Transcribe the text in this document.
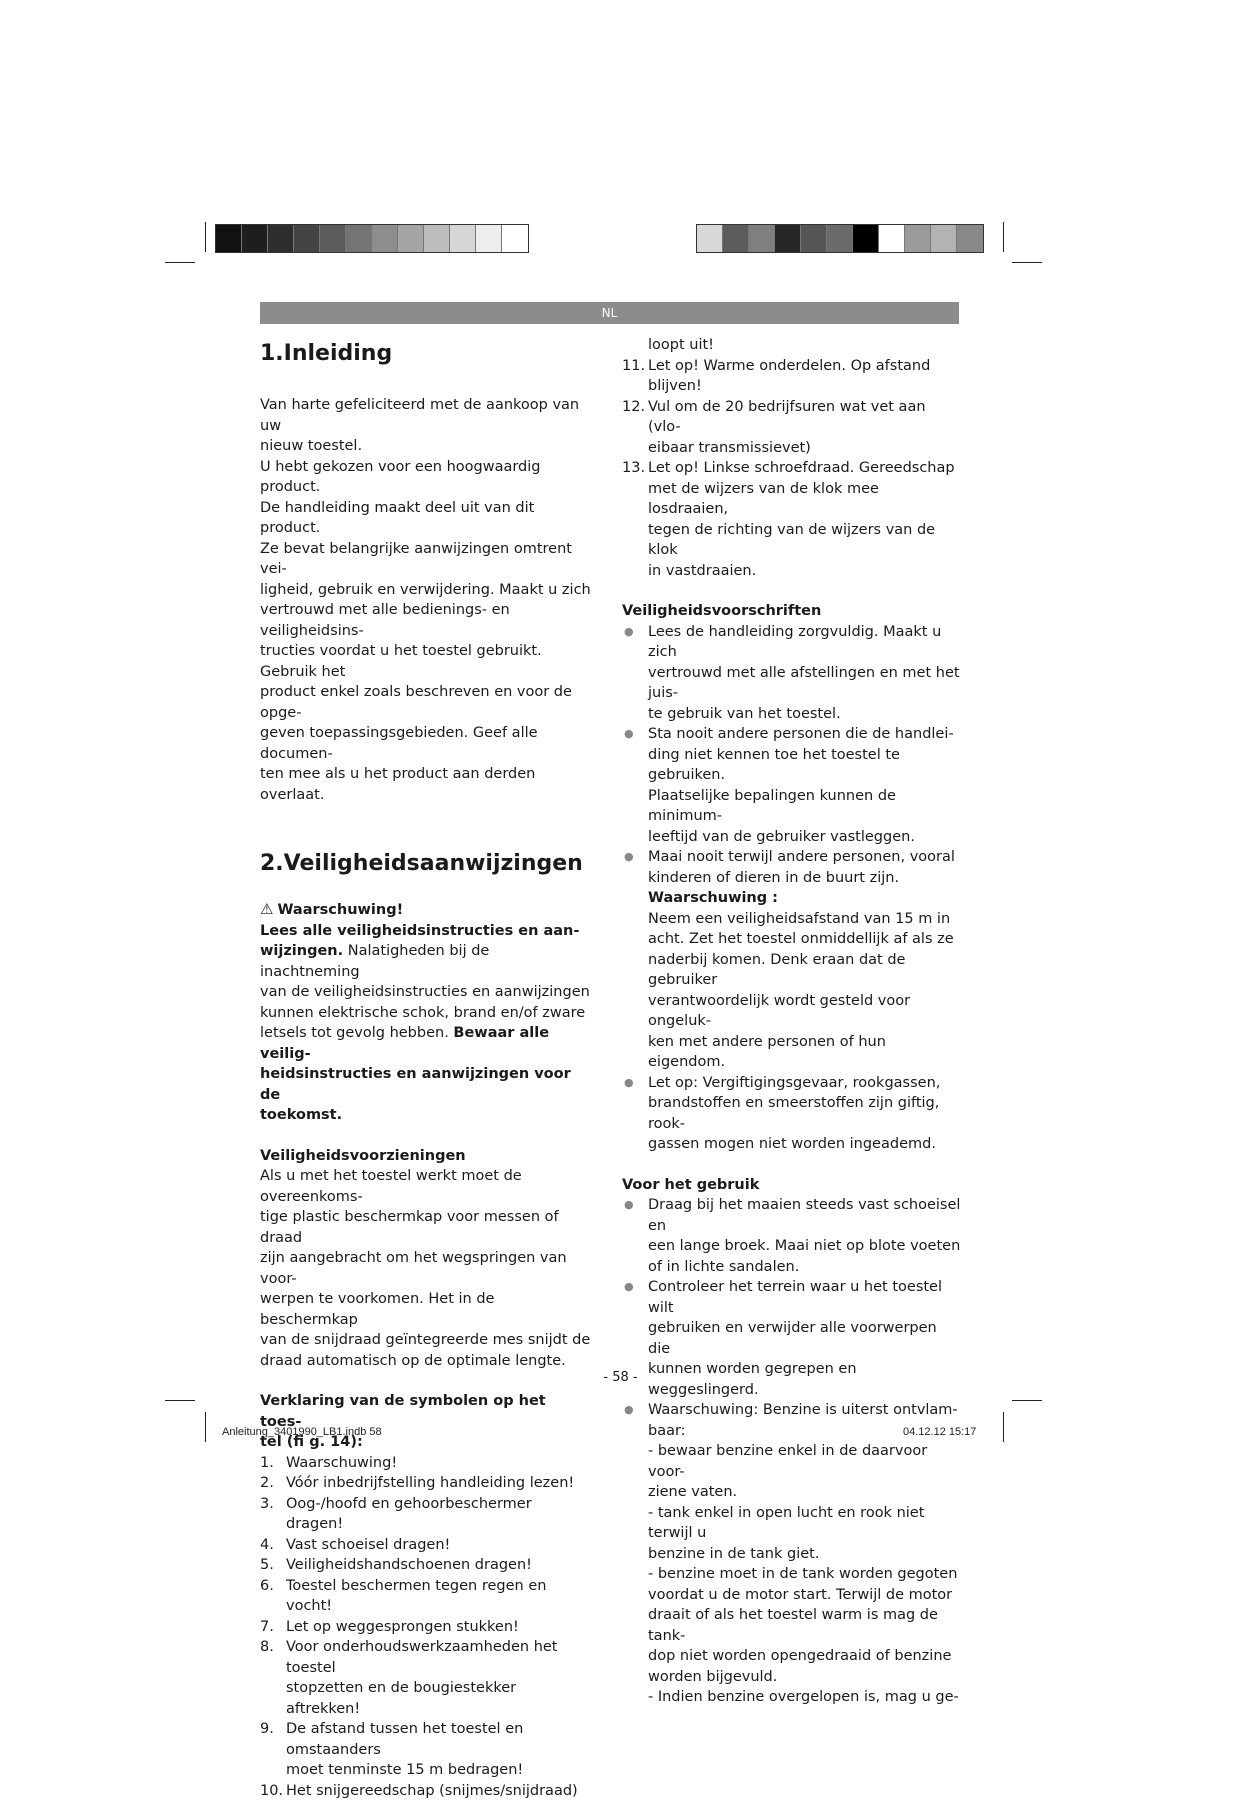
NL
1.Inleiding
Van harte gefeliciteerd met de aankoop van uw
nieuw toestel.
U hebt gekozen voor een hoogwaardig product.
De handleiding maakt deel uit van dit product.
Ze bevat belangrijke aanwijzingen omtrent vei-
ligheid, gebruik en verwijdering. Maakt u zich
vertrouwd met alle bedienings- en veiligheidsins-
tructies voordat u het toestel gebruikt. Gebruik het
product enkel zoals beschreven en voor de opge-
geven toepassingsgebieden. Geef alle documen-
ten mee als u het product aan derden overlaat.
2.Veiligheidsaanwijzingen
⚠ Waarschuwing!
Lees alle veiligheidsinstructies en aan-
wijzingen. Nalatigheden bij de inachtneming
van de veiligheidsinstructies en aanwijzingen
kunnen elektrische schok, brand en/of zware
letsels tot gevolg hebben. Bewaar alle veilig-
heidsinstructies en aanwijzingen voor de
toekomst.
Veiligheidsvoorzieningen
Als u met het toestel werkt moet de overeenkoms-
tige plastic beschermkap voor messen of draad
zijn aangebracht om het wegspringen van voor-
werpen te voorkomen. Het in de beschermkap
van de snijdraad geïntegreerde mes snijdt de
draad automatisch op de optimale lengte.
Verklaring van de symbolen op het toes-
tel (fi g. 14):
1. Waarschuwing!
2. Vóór inbedrijfstelling handleiding lezen!
3. Oog-/hoofd en gehoorbeschermer dragen!
4. Vast schoeisel dragen!
5. Veiligheidshandschoenen dragen!
6. Toestel beschermen tegen regen en vocht!
7. Let op weggesprongen stukken!
8. Voor onderhoudswerkzaamheden het toestel
stopzetten en de bougiestekker aftrekken!
9. De afstand tussen het toestel en omstaanders
moet tenminste 15 m bedragen!
10. Het snijgereedschap (snijmes/snijdraad)
loopt uit!
11. Let op! Warme onderdelen. Op afstand blijven!
12. Vul om de 20 bedrijfsuren wat vet aan (vlo-
eibaar transmissievet)
13. Let op! Linkse schroefdraad. Gereedschap
met de wijzers van de klok mee losdraaien,
tegen de richting van de wijzers van de klok
in vastdraaien.
Veiligheidsvoorschriften
● Lees de handleiding zorgvuldig. Maakt u zich
vertrouwd met alle afstellingen en met het juis-
te gebruik van het toestel.
● Sta nooit andere personen die de handlei-
ding niet kennen toe het toestel te gebruiken.
Plaatselijke bepalingen kunnen de minimum-
leeftijd van de gebruiker vastleggen.
● Maai nooit terwijl andere personen, vooral
kinderen of dieren in de buurt zijn.
Waarschuwing :
Neem een veiligheidsafstand van 15 m in
acht. Zet het toestel onmiddellijk af als ze
naderbij komen. Denk eraan dat de gebruiker
verantwoordelijk wordt gesteld voor ongeluk-
ken met andere personen of hun eigendom.
● Let op: Vergiftigingsgevaar, rookgassen,
brandstoffen en smeerstoffen zijn giftig, rook-
gassen mogen niet worden ingeademd.
Voor het gebruik
● Draag bij het maaien steeds vast schoeisel en
een lange broek. Maai niet op blote voeten
of in lichte sandalen.
● Controleer het terrein waar u het toestel wilt
gebruiken en verwijder alle voorwerpen die
kunnen worden gegrepen en weggeslingerd.
● Waarschuwing: Benzine is uiterst ontvlam-
baar:
- bewaar benzine enkel in de daarvoor voor-
ziene vaten.
- tank enkel in open lucht en rook niet terwijl u
benzine in de tank giet.
- benzine moet in de tank worden gegoten
voordat u de motor start. Terwijl de motor
draait of als het toestel warm is mag de tank-
dop niet worden opengedraaid of benzine
worden bijgevuld.
- Indien benzine overgelopen is, mag u ge-
- 58 -
Anleitung_3401990_LB1.indb 58	04.12.12 15:17
